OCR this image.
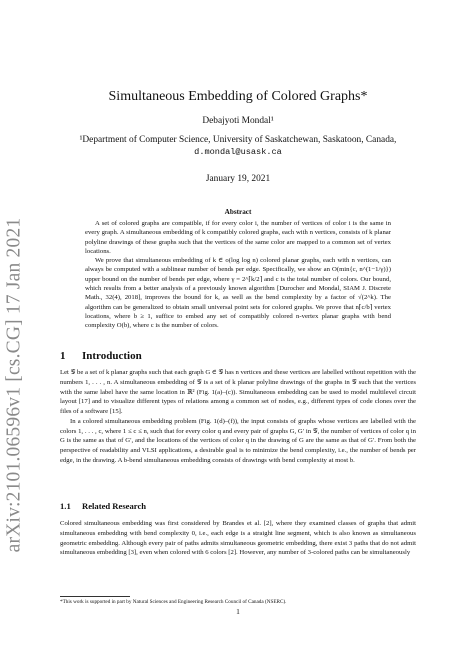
arXiv:2101.06596v1 [cs.CG] 17 Jan 2021
Simultaneous Embedding of Colored Graphs*
Debajyoti Mondal¹
¹Department of Computer Science, University of Saskatchewan, Saskatoon, Canada,
d.mondal@usask.ca
January 19, 2021
Abstract

A set of colored graphs are compatible, if for every color i, the number of vertices of color i is the same in every graph. A simultaneous embedding of k compatibly colored graphs, each with n vertices, consists of k planar polyline drawings of these graphs such that the vertices of the same color are mapped to a common set of vertex locations.

We prove that simultaneous embedding of k ∈ o(log log n) colored planar graphs, each with n vertices, can always be computed with a sublinear number of bends per edge. Specifically, we show an O(min{c, n^(1−1/γ)}) upper bound on the number of bends per edge, where γ = 2^⌈k/2⌉ and c is the total number of colors. Our bound, which results from a better analysis of a previously known algorithm [Durocher and Mondal, SIAM J. Discrete Math., 32(4), 2018], improves the bound for k, as well as the bend complexity by a factor of √(2^k). The algorithm can be generalized to obtain small universal point sets for colored graphs. We prove that n⌈c/b⌉ vertex locations, where b ≥ 1, suffice to embed any set of compatibly colored n-vertex planar graphs with bend complexity O(b), where c is the number of colors.

1 Introduction

Let 𝒢 be a set of k planar graphs such that each graph G ∈ 𝒢 has n vertices and these vertices are labelled without repetition with the numbers 1, . . . , n. A simultaneous embedding of 𝒢 is a set of k planar polyline drawings of the graphs in 𝒢 such that the vertices with the same label have the same location in ℝ² (Fig. 1(a)–(c)). Simultaneous embedding can be used to model multilevel circuit layout [17] and to visualize different types of relations among a common set of nodes, e.g., different types of code clones over the files of a software [15].

In a colored simultaneous embedding problem (Fig. 1(d)–(f)), the input consists of graphs whose vertices are labelled with the colors 1, . . . , c, where 1 ≤ c ≤ n, such that for every color q and every pair of graphs G, G′ in 𝒢, the number of vertices of color q in G is the same as that of G′, and the locations of the vertices of color q in the drawing of G are the same as that of G′. From both the perspective of readability and VLSI applications, a desirable goal is to minimize the bend complexity, i.e., the number of bends per edge, in the drawing. A b-bend simultaneous embedding consists of drawings with bend complexity at most b.

1.1 Related Research

Colored simultaneous embedding was first considered by Brandes et al. [2], where they examined classes of graphs that admit simultaneous embedding with bend complexity 0, i.e., each edge is a straight line segment, which is also known as simultaneous geometric embedding. Although every pair of paths admits simultaneous geometric embedding, there exist 3 paths that do not admit simultaneous embedding [3], even when colored with 6 colors [2]. However, any number of 3-colored paths can be simultaneously

*This work is supported in part by Natural Sciences and Engineering Research Council of Canada (NSERC).
1
